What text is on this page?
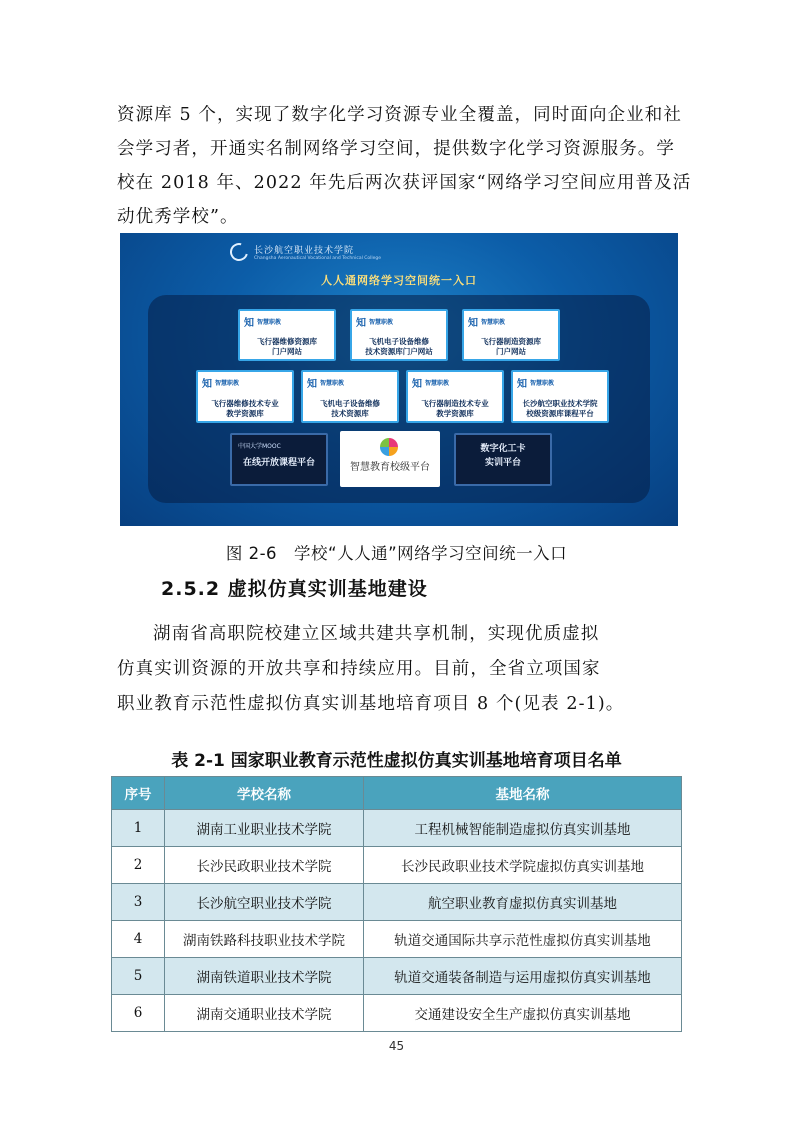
资源库 5 个，实现了数字化学习资源专业全覆盖，同时面向企业和社
会学习者，开通实名制网络学习空间，提供数字化学习资源服务。学
校在 2018 年、2022 年先后两次获评国家“网络学习空间应用普及活
动优秀学校”。

长沙航空职业技术学院
Changsha Aeronautical Vocational and Technical College
人人通网络学习空间统一入口
知 智慧职教
飞行器维修资源库
门户网站
知 智慧职教
飞机电子设备维修
技术资源库门户网站
知 智慧职教
飞行器制造资源库
门户网站
知 智慧职教
飞行器维修技术专业
教学资源库
知 智慧职教
飞机电子设备维修
技术资源库
知 智慧职教
飞行器制造技术专业
教学资源库
知 智慧职教
长沙航空职业技术学院
校级资源库课程平台
中国大学MOOC
在线开放课程平台	智慧教育校级平台
数字化工卡
实训平台
图 2-6　学校“人人通”网络学习空间统一入口
2.5.2 虚拟仿真实训基地建设

湖南省高职院校建立区域共建共享机制，实现优质虚拟
仿真实训资源的开放共享和持续应用。目前，全省立项国家
职业教育示范性虚拟仿真实训基地培育项目 8 个(见表 2-1)。

表 2-1 国家职业教育示范性虚拟仿真实训基地培育项目名单
序号	学校名称	基地名称
1	湖南工业职业技术学院	工程机械智能制造虚拟仿真实训基地
2	长沙民政职业技术学院	长沙民政职业技术学院虚拟仿真实训基地
3	长沙航空职业技术学院	航空职业教育虚拟仿真实训基地
4	湖南铁路科技职业技术学院	轨道交通国际共享示范性虚拟仿真实训基地
5	湖南铁道职业技术学院	轨道交通装备制造与运用虚拟仿真实训基地
6	湖南交通职业技术学院	交通建设安全生产虚拟仿真实训基地
45
